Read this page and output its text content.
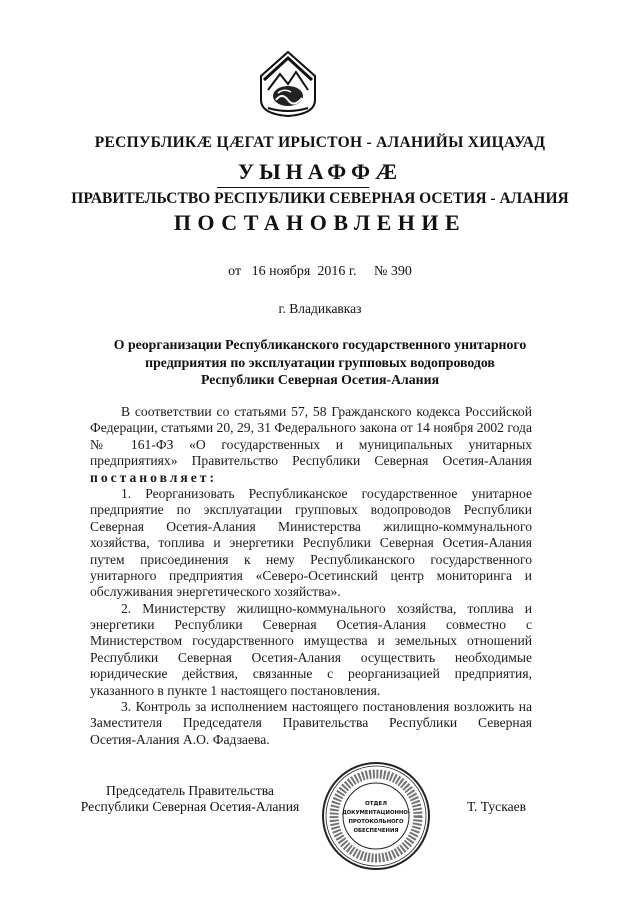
РЕСПУБЛИКÆ ЦÆГАТ ИРЫСТОН - АЛАНИЙЫ ХИЦАУАД
УЫНАФФÆ
ПРАВИТЕЛЬСТВО РЕСПУБЛИКИ СЕВЕРНАЯ ОСЕТИЯ - АЛАНИЯ
ПОСТАНОВЛЕНИЕ
от   16 ноября  2016 г.     № 390
г. Владикавказ
О реорганизации Республиканского государственного унитарного
предприятия по эксплуатации групповых водопроводов
Республики Северная Осетия-Алания
В соответствии со статьями 57, 58 Гражданского кодекса Российской
Федерации, статьями 20, 29, 31 Федерального закона от 14 ноября 2002 года
№ 161-ФЗ «О государственных и муниципальных унитарных
предприятиях» Правительство Республики Северная Осетия-Алания
постановляет:
1. Реорганизовать Республиканское государственное унитарное
предприятие по эксплуатации групповых водопроводов Республики
Северная Осетия-Алания Министерства жилищно-коммунального
хозяйства, топлива и энергетики Республики Северная Осетия-Алания
путем присоединения к нему Республиканского государственного
унитарного предприятия «Северо-Осетинский центр мониторинга и
обслуживания энергетического хозяйства».
2. Министерству жилищно-коммунального хозяйства, топлива и
энергетики Республики Северная Осетия-Алания совместно с
Министерством государственного имущества и земельных отношений
Республики Северная Осетия-Алания осуществить необходимые
юридические действия, связанные с реорганизацией предприятия,
указанного в пункте 1 настоящего постановления.
3. Контроль за исполнением настоящего постановления возложить на
Заместителя Председателя Правительства Республики Северная
Осетия-Алания А.О. Фадзаева.
Председатель Правительства
Республики Северная Осетия-Алания	ОТДЕЛ
ДОКУМЕНТАЦИОННО-
ПРОТОКОЛЬНОГО
ОБЕСПЕЧЕНИЯ
Т. Тускаев
